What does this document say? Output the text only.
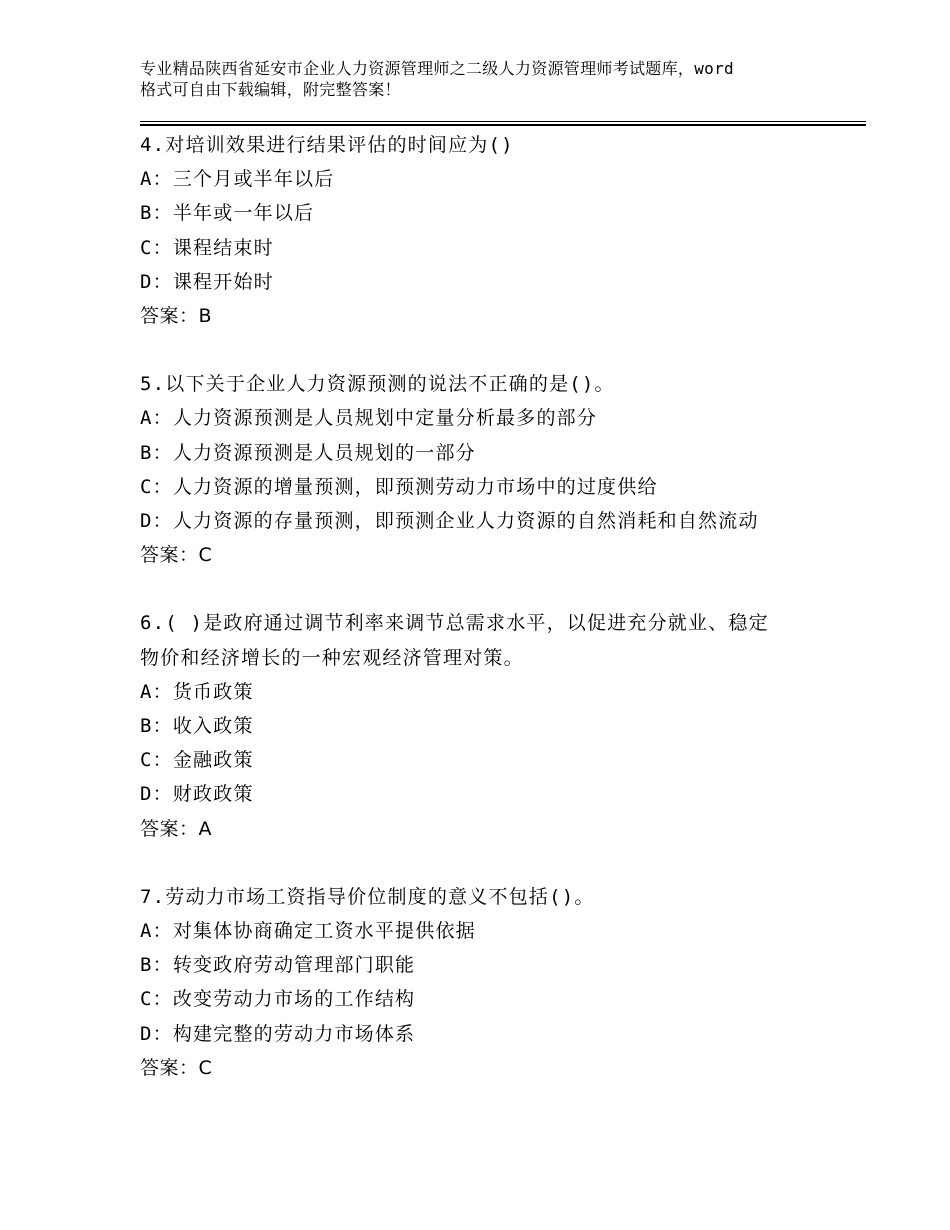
专业精品陕西省延安市企业人力资源管理师之二级人力资源管理师考试题库，word
格式可自由下载编辑，附完整答案！
4.对培训效果进行结果评估的时间应为()
A：三个月或半年以后
B：半年或一年以后
C：课程结束时
D：课程开始时
答案：B
5.以下关于企业人力资源预测的说法不正确的是()。
A：人力资源预测是人员规划中定量分析最多的部分
B：人力资源预测是人员规划的一部分
C：人力资源的增量预测，即预测劳动力市场中的过度供给
D：人力资源的存量预测，即预测企业人力资源的自然消耗和自然流动
答案：C
6.( )是政府通过调节利率来调节总需求水平，以促进充分就业、稳定
物价和经济增长的一种宏观经济管理对策。
A：货币政策
B：收入政策
C：金融政策
D：财政政策
答案：A
7.劳动力市场工资指导价位制度的意义不包括()。
A：对集体协商确定工资水平提供依据
B：转变政府劳动管理部门职能
C：改变劳动力市场的工作结构
D：构建完整的劳动力市场体系
答案：C
